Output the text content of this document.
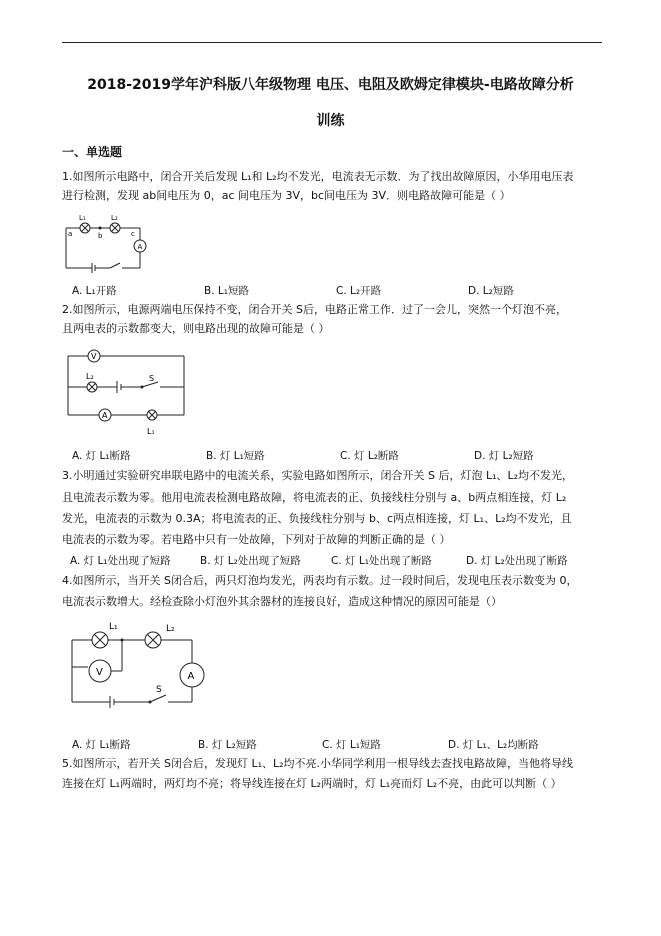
2018-2019学年沪科版八年级物理 电压、电阻及欧姆定律模块-电路故障分析
训练
一、单选题
1.如图所示电路中，闭合开关后发现 L₁和 L₂均不发光，电流表无示数．为了找出故障原因，小华用电压表
进行检测，发现 ab间电压为 0，ac 间电压为 3V，bc间电压为 3V．则电路故障可能是（ ）
L₁	L₂
a	b	c
A
A. L₁开路	B. L₁短路	C. L₂开路	D. L₂短路
2.如图所示，电源两端电压保持不变，闭合开关 S后，电路正常工作．过了一会儿，突然一个灯泡不亮，
且两电表的示数都变大，则电路出现的故障可能是（ ）
V
L₂	S
A
L₁
A. 灯 L₁断路	B. 灯 L₁短路	C. 灯 L₂断路	D. 灯 L₂短路
3.小明通过实验研究串联电路中的电流关系，实验电路如图所示，闭合开关 S 后，灯泡 L₁、L₂均不发光，
且电流表示数为零。他用电流表检测电路故障，将电流表的正、负接线柱分别与 a、b两点相连接，灯 L₂
发光，电流表的示数为 0.3A；将电流表的正、负接线柱分别与 b、c两点相连接，灯 L₁、L₂均不发光，且
电流表的示数为零。若电路中只有一处故障，下列对于故障的判断正确的是（ ）
A. 灯 L₁处出现了短路	B. 灯 L₂处出现了短路	C. 灯 L₁处出现了断路	D. 灯 L₂处出现了断路
4.如图所示，当开关 S闭合后，两只灯泡均发光，两表均有示数。过一段时间后，发现电压表示数变为 0，
电流表示数增大。经检查除小灯泡外其余器材的连接良好，造成这种情况的原因可能是（）
L₁	L₂
V	A
S
A. 灯 L₁断路	B. 灯 L₂短路	C. 灯 L₁短路	D. 灯 L₁、L₂均断路
5.如图所示，若开关 S闭合后，发现灯 L₁、L₂均不亮.小华同学利用一根导线去查找电路故障，当他将导线
连接在灯 L₁两端时，两灯均不亮；将导线连接在灯 L₂两端时，灯 L₁亮而灯 L₂不亮，由此可以判断（ ）
